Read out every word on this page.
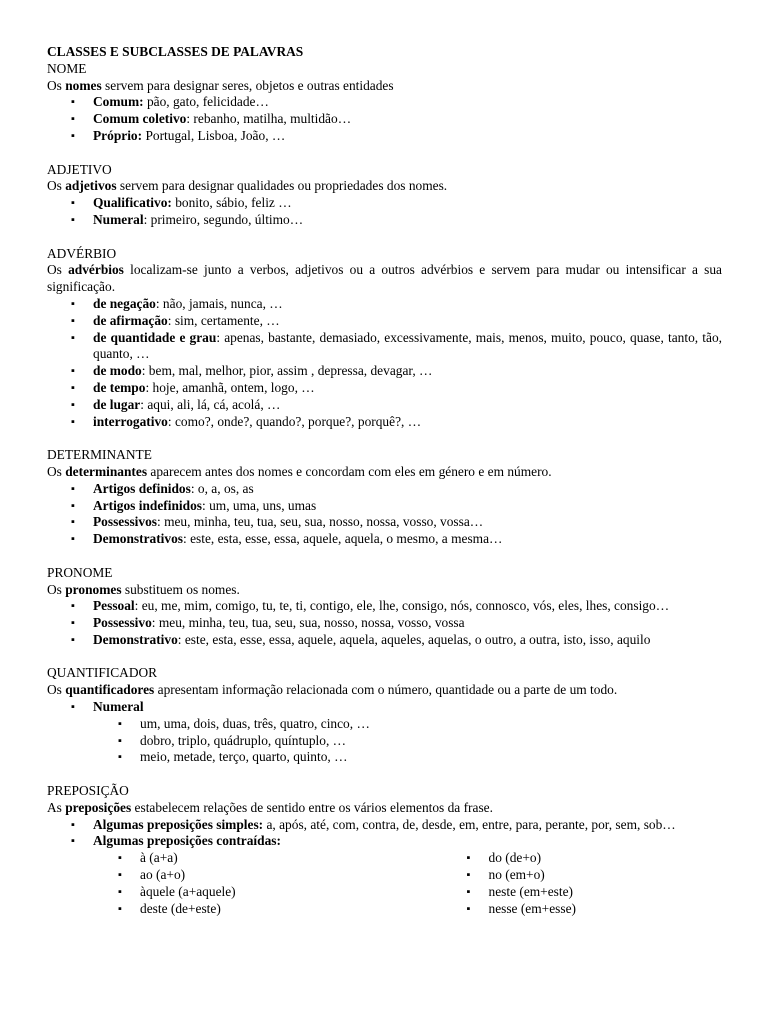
CLASSES E SUBCLASSES DE PALAVRAS
NOME
Os nomes servem para designar seres, objetos e outras entidades
▪ Comum: pão, gato, felicidade…
▪ Comum coletivo: rebanho, matilha, multidão…
▪ Próprio: Portugal, Lisboa, João, …
ADJETIVO
Os adjetivos servem para designar qualidades ou propriedades dos nomes.
▪ Qualificativo: bonito, sábio, feliz …
▪ Numeral: primeiro, segundo, último…
ADVÉRBIO
Os advérbios localizam-se junto a verbos, adjetivos ou a outros advérbios e servem para mudar ou intensificar a sua significação.
▪ de negação: não, jamais, nunca, …
▪ de afirmação: sim, certamente, …
▪ de quantidade e grau: apenas, bastante, demasiado, excessivamente, mais, menos, muito, pouco, quase, tanto, tão, quanto, …
▪ de modo: bem, mal, melhor, pior, assim , depressa, devagar, …
▪ de tempo: hoje, amanhã, ontem, logo, …
▪ de lugar: aqui, ali, lá, cá, acolá, …
▪ interrogativo: como?, onde?, quando?, porque?, porquê?, …
DETERMINANTE
Os determinantes aparecem antes dos nomes e concordam com eles em género e em número.
▪ Artigos definidos: o, a, os, as
▪ Artigos indefinidos: um, uma, uns, umas
▪ Possessivos: meu, minha, teu, tua, seu, sua, nosso, nossa, vosso, vossa…
▪ Demonstrativos: este, esta, esse, essa, aquele, aquela, o mesmo, a mesma…
PRONOME
Os pronomes substituem os nomes.
▪ Pessoal: eu, me, mim, comigo, tu, te, ti, contigo, ele, lhe, consigo, nós, connosco, vós, eles, lhes, consigo…
▪ Possessivo: meu, minha, teu, tua, seu, sua, nosso, nossa, vosso, vossa
▪ Demonstrativo: este, esta, esse, essa, aquele, aquela, aqueles, aquelas, o outro, a outra, isto, isso, aquilo
QUANTIFICADOR
Os quantificadores apresentam informação relacionada com o número, quantidade ou a parte de um todo.
▪ Numeral
▪ um, uma, dois, duas, três, quatro, cinco, …
▪ dobro, triplo, quádruplo, quíntuplo, …
▪ meio, metade, terço, quarto, quinto, …
PREPOSIÇÃO
As preposições estabelecem relações de sentido entre os vários elementos da frase.
▪ Algumas preposições simples: a, após, até, com, contra, de, desde, em, entre, para, perante, por, sem, sob…
▪ Algumas preposições contraídas:
▪ à (a+a)
▪ ao (a+o)
▪ àquele (a+aquele)
▪ deste (de+este)
▪ do (de+o)
▪ no (em+o)
▪ neste (em+este)
▪ nesse (em+esse)
